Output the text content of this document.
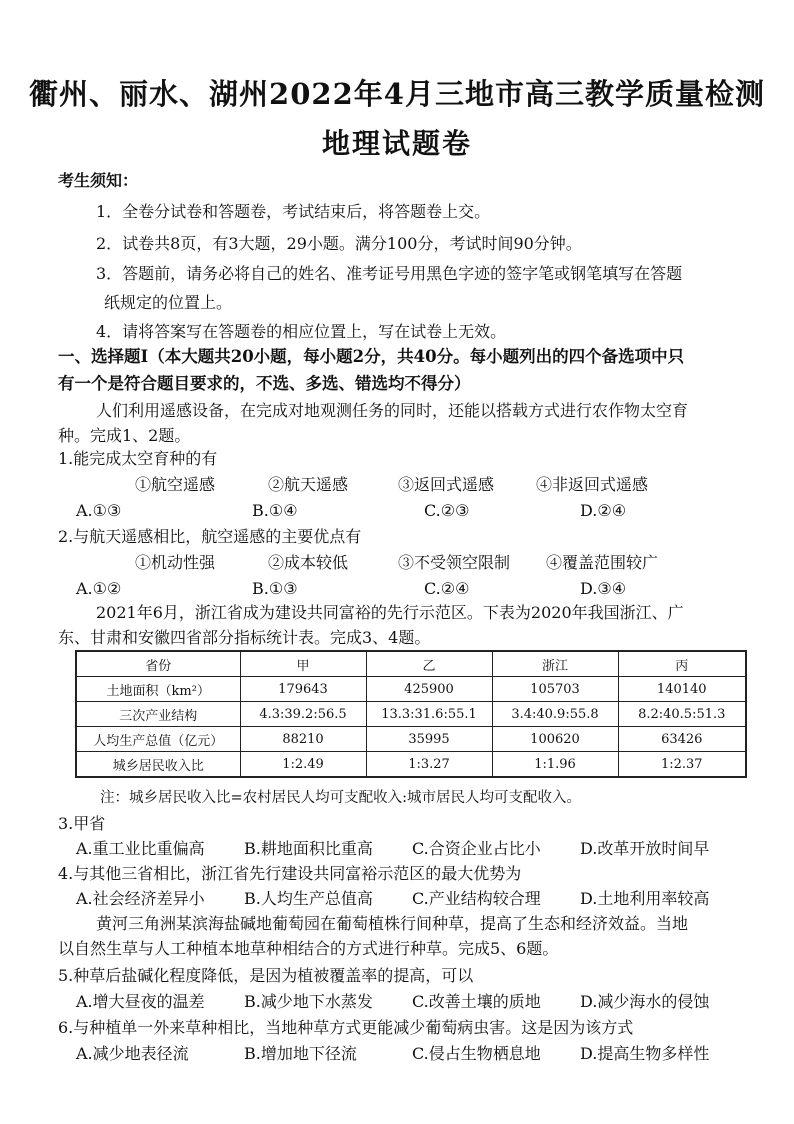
衢州、丽水、湖州2022年4月三地市高三教学质量检测
地理试题卷
考生须知：
1．全卷分试卷和答题卷，考试结束后，将答题卷上交。
2．试卷共8页，有3大题，29小题。满分100分，考试时间90分钟。
3．答题前，请务必将自己的姓名、准考证号用黑色字迹的签字笔或钢笔填写在答题
纸规定的位置上。
4．请将答案写在答题卷的相应位置上，写在试卷上无效。
一、选择题Ⅰ（本大题共20小题，每小题2分，共40分。每小题列出的四个备选项中只
有一个是符合题目要求的，不选、多选、错选均不得分）
人们利用遥感设备，在完成对地观测任务的同时，还能以搭载方式进行农作物太空育
种。完成1、2题。
1.能完成太空育种的有
①航空遥感	②航天遥感	③返回式遥感	④非返回式遥感
A.①③	B.①④	C.②③	D.②④
2.与航天遥感相比，航空遥感的主要优点有
①机动性强	②成本较低	③不受领空限制 ④覆盖范围较广
A.①②	B.①③	C.②④	D.③④
2021年6月，浙江省成为建设共同富裕的先行示范区。下表为2020年我国浙江、广
东、甘肃和安徽四省部分指标统计表。完成3、4题。
省份	甲	乙	浙江	丙
土地面积（km²）	179643	425900	105703	140140
三次产业结构	4.3:39.2:56.5	13.3:31.6:55.1	3.4:40.9:55.8	8.2:40.5:51.3
人均生产总值（亿元）	88210	35995	100620	63426
城乡居民收入比	1:2.49	1:3.27	1:1.96	1:2.37
注：城乡居民收入比=农村居民人均可支配收入:城市居民人均可支配收入。
3.甲省
A.重工业比重偏高 B.耕地面积比重高 C.合资企业占比小 D.改革开放时间早
4.与其他三省相比，浙江省先行建设共同富裕示范区的最大优势为
A.社会经济差异小 B.人均生产总值高 C.产业结构较合理 D.土地利用率较高
黄河三角洲某滨海盐碱地葡萄园在葡萄植株行间种草，提高了生态和经济效益。当地
以自然生草与人工种植本地草种相结合的方式进行种草。完成5、6题。
5.种草后盐碱化程度降低，是因为植被覆盖率的提高，可以
A.增大昼夜的温差 B.减少地下水蒸发 C.改善土壤的质地 D.减少海水的侵蚀
6.与种植单一外来草种相比，当地种草方式更能减少葡萄病虫害。这是因为该方式
A.减少地表径流	B.增加地下径流	C.侵占生物栖息地 D.提高生物多样性
